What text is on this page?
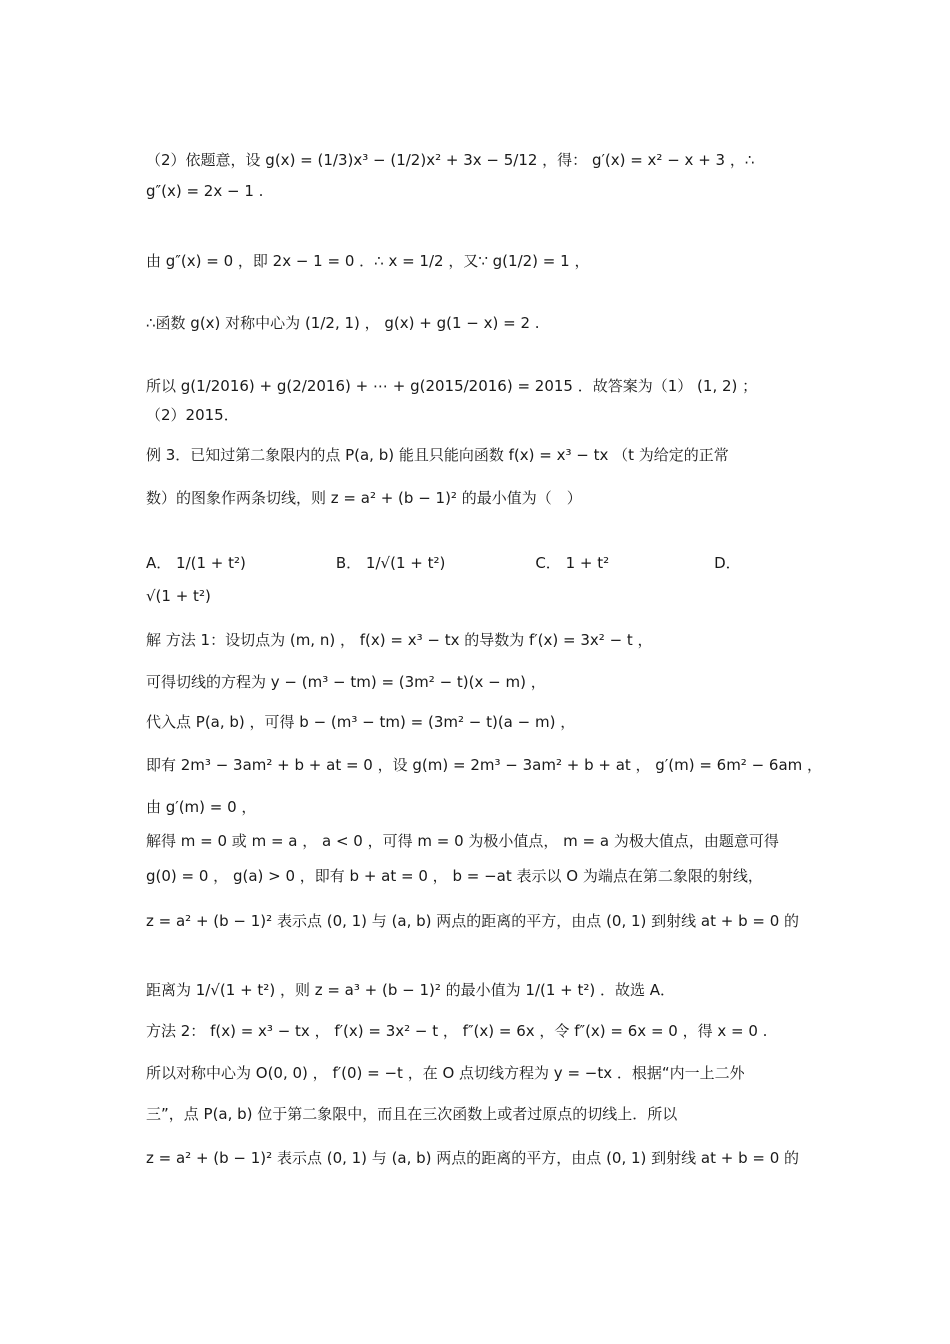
（2）依题意，设 g(x) = (1/3)x³ − (1/2)x² + 3x − 5/12 ，得： g′(x) = x² − x + 3 ，∴
g″(x) = 2x − 1 .
由 g″(x) = 0 ，即 2x − 1 = 0 ．∴ x = 1/2 ，又∵ g(1/2) = 1 ，
∴函数 g(x) 对称中心为 (1/2, 1) ， g(x) + g(1 − x) = 2 .
所以 g(1/2016) + g(2/2016) + ⋯ + g(2015/2016) = 2015 ．故答案为（1） (1, 2) ；
（2）2015．
例 3．已知过第二象限内的点 P(a, b) 能且只能向函数 f(x) = x³ − tx （t 为给定的正常
数）的图象作两条切线，则 z = a² + (b − 1)² 的最小值为（　）
A． 1/(1 + t²)　　　　　　B． 1/√(1 + t²)　　　　　　C． 1 + t²　　　　　　　D．
√(1 + t²)
解 方法 1：设切点为 (m, n) ， f(x) = x³ − tx 的导数为 f′(x) = 3x² − t ，
可得切线的方程为 y − (m³ − tm) = (3m² − t)(x − m) ，
代入点 P(a, b) ，可得 b − (m³ − tm) = (3m² − t)(a − m) ，
即有 2m³ − 3am² + b + at = 0 ，设 g(m) = 2m³ − 3am² + b + at ， g′(m) = 6m² − 6am ，
由 g′(m) = 0 ，
解得 m = 0 或 m = a ， a < 0 ，可得 m = 0 为极小值点， m = a 为极大值点，由题意可得
g(0) = 0 ， g(a) > 0 ，即有 b + at = 0 ， b = −at 表示以 O 为端点在第二象限的射线，
z = a² + (b − 1)² 表示点 (0, 1) 与 (a, b) 两点的距离的平方，由点 (0, 1) 到射线 at + b = 0 的
距离为 1/√(1 + t²) ，则 z = a³ + (b − 1)² 的最小值为 1/(1 + t²) ．故选 A．
方法 2： f(x) = x³ − tx ， f′(x) = 3x² − t ， f″(x) = 6x ，令 f″(x) = 6x = 0 ，得 x = 0 .
所以对称中心为 O(0, 0) ， f′(0) = −t ，在 O 点切线方程为 y = −tx ．根据“内一上二外
三”，点 P(a, b) 位于第二象限中，而且在三次函数上或者过原点的切线上．所以
z = a² + (b − 1)² 表示点 (0, 1) 与 (a, b) 两点的距离的平方，由点 (0, 1) 到射线 at + b = 0 的
